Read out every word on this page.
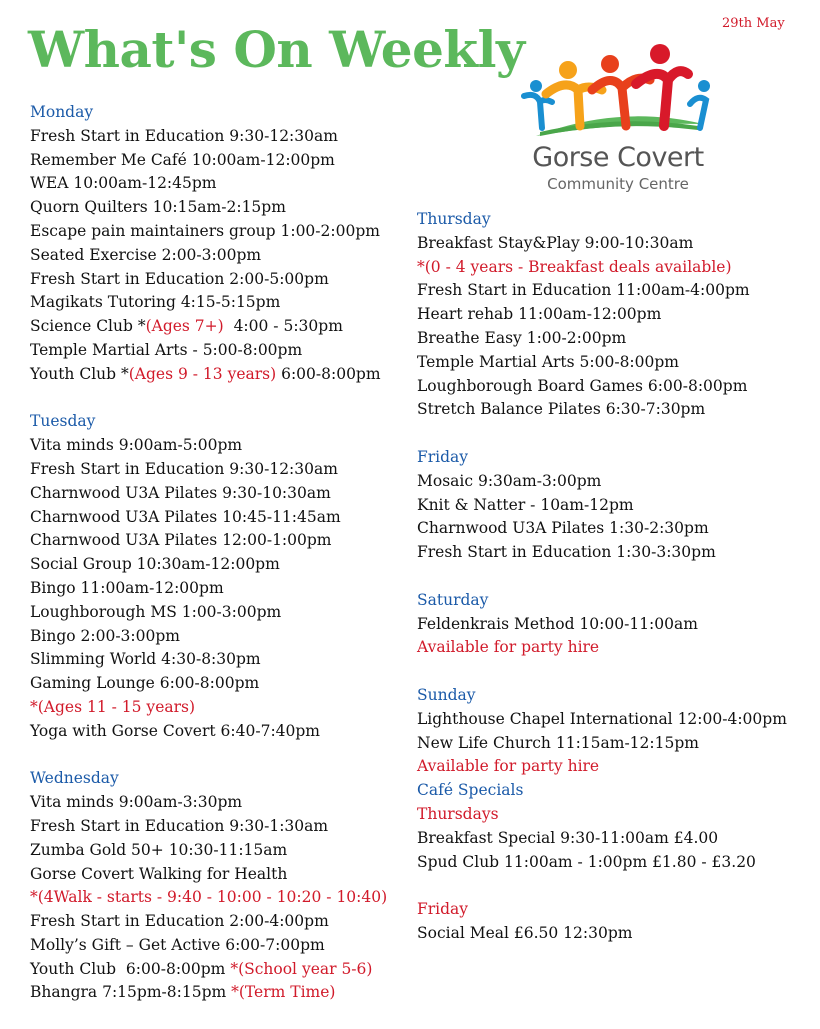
29th May
What's On Weekly
Gorse Covert
Community Centre
Monday
Fresh Start in Education 9:30-12:30am
Remember Me Café 10:00am-12:00pm
WEA 10:00am-12:45pm
Quorn Quilters 10:15am-2:15pm
Escape pain maintainers group 1:00-2:00pm
Seated Exercise 2:00-3:00pm
Fresh Start in Education 2:00-5:00pm
Magikats Tutoring 4:15-5:15pm
Science Club *(Ages 7+)  4:00 - 5:30pm
Temple Martial Arts - 5:00-8:00pm
Youth Club *(Ages 9 - 13 years) 6:00-8:00pm
Tuesday
Vita minds 9:00am-5:00pm
Fresh Start in Education 9:30-12:30am
Charnwood U3A Pilates 9:30-10:30am
Charnwood U3A Pilates 10:45-11:45am
Charnwood U3A Pilates 12:00-1:00pm
Social Group 10:30am-12:00pm
Bingo 11:00am-12:00pm
Loughborough MS 1:00-3:00pm
Bingo 2:00-3:00pm
Slimming World 4:30-8:30pm
Gaming Lounge 6:00-8:00pm
*(Ages 11 - 15 years)
Yoga with Gorse Covert 6:40-7:40pm
Wednesday
Vita minds 9:00am-3:30pm
Fresh Start in Education 9:30-1:30am
Zumba Gold 50+ 10:30-11:15am
Gorse Covert Walking for Health
*(4Walk - starts - 9:40 - 10:00 - 10:20 - 10:40)
Fresh Start in Education 2:00-4:00pm
Molly’s Gift – Get Active 6:00-7:00pm
Youth Club  6:00-8:00pm *(School year 5-6)
Bhangra 7:15pm-8:15pm *(Term Time)
Thursday
Breakfast Stay&Play 9:00-10:30am
*(0 - 4 years - Breakfast deals available)
Fresh Start in Education 11:00am-4:00pm
Heart rehab 11:00am-12:00pm
Breathe Easy 1:00-2:00pm
Temple Martial Arts 5:00-8:00pm
Loughborough Board Games 6:00-8:00pm
Stretch Balance Pilates 6:30-7:30pm
Friday
Mosaic 9:30am-3:00pm
Knit & Natter - 10am-12pm
Charnwood U3A Pilates 1:30-2:30pm
Fresh Start in Education 1:30-3:30pm
Saturday
Feldenkrais Method 10:00-11:00am
Available for party hire
Sunday
Lighthouse Chapel International 12:00-4:00pm
New Life Church 11:15am-12:15pm
Available for party hire
Café Specials
Thursdays
Breakfast Special 9:30-11:00am £4.00
Spud Club 11:00am - 1:00pm £1.80 - £3.20
Friday
Social Meal £6.50 12:30pm
